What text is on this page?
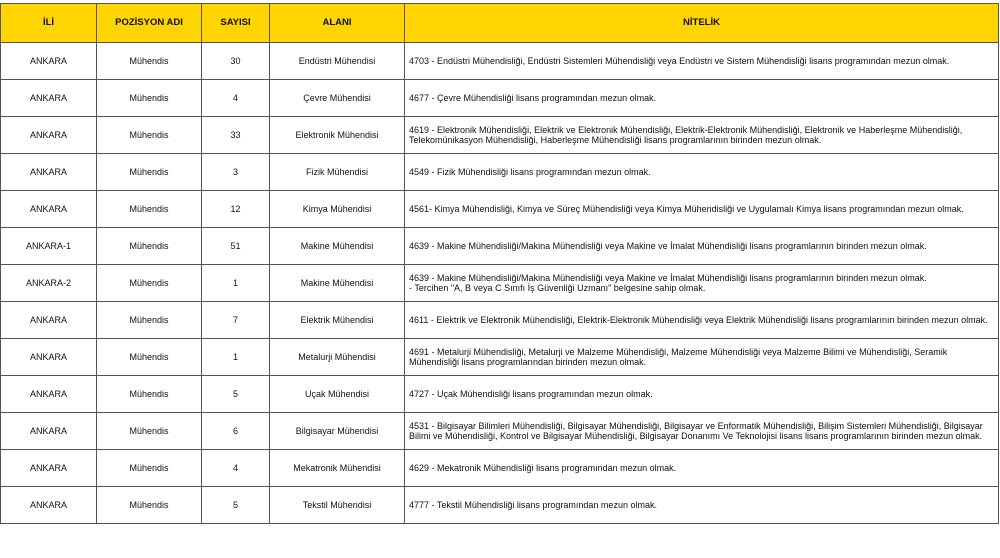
İLİ	POZİSYON ADI	SAYISI	ALANI	NİTELİK
ANKARA	Mühendis	30	Endüstri Mühendisi	4703 - Endüstri Mühendisliği, Endüstri Sistemleri Mühendisliği veya Endüstri ve Sistem Mühendisliği lisans programından mezun olmak.

ANKARA	Mühendis	4	Çevre Mühendisi	4677 - Çevre Mühendisliği lisans programından mezun olmak.

ANKARA	Mühendis	33	Elektronik Mühendisi	4619 - Elektronik Mühendisliği, Elektrik ve Elektronik Mühendisliği, Elektrik-Elektronik Mühendisliği, Elektronik ve Haberleşme Mühendisliği, Telekomünikasyon Mühendisliği, Haberleşme Mühendisliği lisans programlarının birinden mezun olmak.

ANKARA	Mühendis	3	Fizik Mühendisi	4549 - Fizik Mühendisliği lisans programından mezun olmak.

ANKARA	Mühendis	12	Kimya Mühendisi	4561- Kimya Mühendisliği, Kimya ve Süreç Mühendisliği veya Kimya Mühendisliği ve Uygulamalı Kimya lisans programından mezun olmak.

ANKARA-1	Mühendis	51	Makine Mühendisi	4639 - Makine Mühendisliği/Makina Mühendisliği veya Makine ve İmalat Mühendisliği lisans programlarının birinden mezun olmak.

ANKARA-2	Mühendis	1	Makine Mühendisi	4639 - Makine Mühendisliği/Makina Mühendisliği veya Makine ve İmalat Mühendisliği lisans programlarının birinden mezun olmak.
- Tercihen "A, B veya C Sınıfı İş Güvenliği Uzmanı" belgesine sahip olmak.

ANKARA	Mühendis	7	Elektrik Mühendisi	4611 - Elektrik ve Elektronik Mühendisliği, Elektrik-Elektronik Mühendisliği veya Elektrik Mühendisliği lisans programlarının birinden mezun olmak.

ANKARA	Mühendis	1	Metalurji Mühendisi	4691 - Metalurji Mühendisliği, Metalurji ve Malzeme Mühendisliği, Malzeme Mühendisliği veya Malzeme Bilimi ve Mühendisliği, Seramik Mühendisliği lisans programlarından birinden mezun olmak.

ANKARA	Mühendis	5	Uçak Mühendisi	4727 - Uçak Mühendisliği lisans programından mezun olmak.

ANKARA	Mühendis	6	Bilgisayar Mühendisi	4531 - Bilgisayar Bilimleri Mühendisliği, Bilgisayar Mühendisliği, Bilgisayar ve Enformatik Mühendisliği, Bilişim Sistemleri Mühendisliği, Bilgisayar Bilimi ve Mühendisliği, Kontrol ve Bilgisayar Mühendisliği, Bilgisayar Donanımı Ve Teknolojisi lisans lisans programlarının birinden mezun olmak.

ANKARA	Mühendis	4	Mekatronik Mühendisi	4629 - Mekatronik Mühendisliği lisans programından mezun olmak.

ANKARA	Mühendis	5	Tekstil Mühendisi	4777 - Tekstil Mühendisliği lisans programından mezun olmak.
